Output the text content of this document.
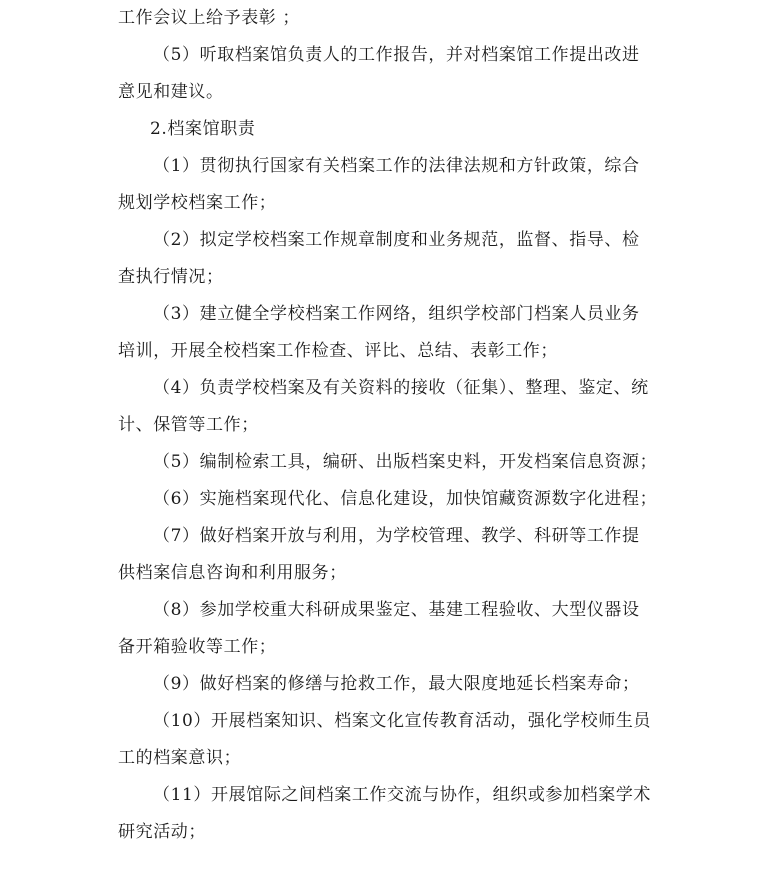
工作会议上给予表彰 ；
（5）听取档案馆负责人的工作报告，并对档案馆工作提出改进
意见和建议。
2.档案馆职责
（1）贯彻执行国家有关档案工作的法律法规和方针政策，综合
规划学校档案工作；
（2）拟定学校档案工作规章制度和业务规范，监督、指导、检
查执行情况；
（3）建立健全学校档案工作网络，组织学校部门档案人员业务
培训，开展全校档案工作检查、评比、总结、表彰工作；
（4）负责学校档案及有关资料的接收（征集）、整理、鉴定、统
计、保管等工作；
（5）编制检索工具，编研、出版档案史料，开发档案信息资源；
（6）实施档案现代化、信息化建设，加快馆藏资源数字化进程；
（7）做好档案开放与利用，为学校管理、教学、科研等工作提
供档案信息咨询和利用服务；
（8）参加学校重大科研成果鉴定、基建工程验收、大型仪器设
备开箱验收等工作；
（9）做好档案的修缮与抢救工作，最大限度地延长档案寿命；
（10）开展档案知识、档案文化宣传教育活动，强化学校师生员
工的档案意识；
（11）开展馆际之间档案工作交流与协作，组织或参加档案学术
研究活动；
